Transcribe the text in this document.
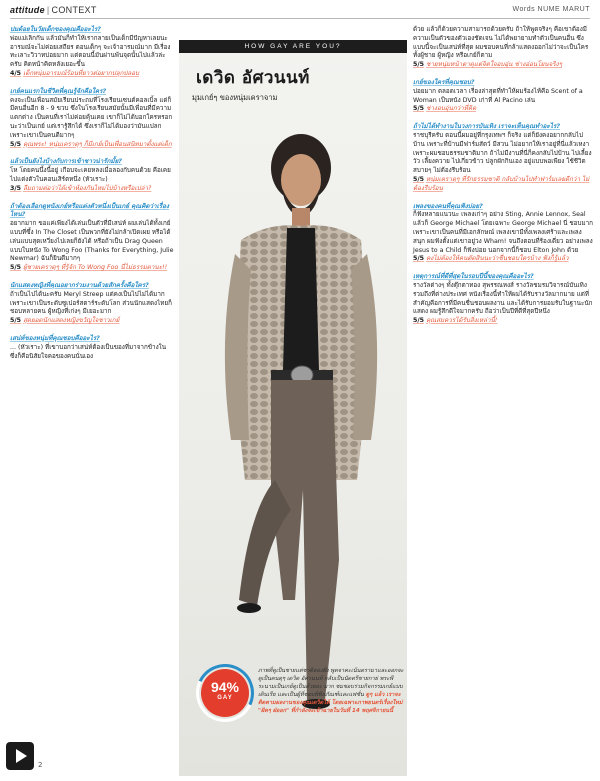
attitude | CONTEXT	Words NUME MARUT
ปมด้อยในวัยเด็กของคุณคืออะไร?
พ่อแม่เลิกกัน แล้วมันก็ทำให้เรากลายเป็นเด็กมีปัญหาเลยนะ อารมณ์จะไม่ค่อยเสถียร ตอนเด็กๆ จะเจ้าอารมณ์มาก มีเรื่องทะเลาะวิวาทบ่อยมาก แต่ตอนนี้มันผ่านพ้นจุดนั้นไปแล้วล่ะครับ คิดหน้าคิดหลังเยอะขึ้น
4/5 เด็กหนุ่มอารมณ์ร้อนที่ยาวต่อยากปลุกปลอบ
เกย์คนแรกในชีวิตที่คุณรู้จักคือใคร?
คงจะเป็นเพื่อนสมัยเรียนประถมที่โรงเรียนเซนต์คอลเบิ้ล แต่ก็มีคนอื่นอีก 8 - 9 ขวบ ซึ่งในโรงเรียนสมัยนั้นมีเพื่อนที่มีความแตกต่าง เป็นคนที่เราไม่ค่อยคุ้นเคย เขาก็ไม่ได้บอกใครหรอกนะว่าเป็นเกย์ แต่เรารู้สึกได้ ซึ่งเราก็ไม่ได้มองว่ามันแปลก เพราะเขาเป็นคนดีมากๆ
5/5 คุณพระ! หนุ่มเคราดุๆ ก็มีเกย์เป็นเพื่อนสนิทมาตั้งแต่เด็ก
แล้วเป็นยังไงบ้างกับการเข้าชาวน่ารักมั้ย?
โห โดยคนนึ้งนี้อยู่ เกือบจะเคยหลงเมื่อลองกับคนด้วย คือเคยไปแต่งตัวในคอนเสิร์ตหนึ่ง (หัวเราะ)
3/5 ลืมถามต่อว่าได้เข้าห้องกันไหมไปบ้างหรือเปล่า?
ถ้าต้องเลือกดูหนังเกย์หรือแต่งตัวหนึ่งเป็นเกย์ คุณคิดว่าเรื่องไหน?
อยากมาก ขอแค่เพียงได้เล่นเป็นตัวที่มีเสน่ห์ ผมเล่นได้ทั้งเกย์แบบที่ซึ้ง In The Closet เป็นพวกที่ยังไม่กล้าเปิดเผย หรือได้เล่นแบบสุดเหวี่ยงไปเลยก็ยังได้ หรือถ้าเป็น Drag Queen แบบในหนัง To Wong Foo (Thanks for Everything, Julie Newmar) ฉันก็ยินดีมากๆ
5/5 ผู้ชายเคราดุๆ ที่รู้จัก To Wong Foo นี่ไม่ธรรมดานะ!!
นักแสดงหญิงที่คุณอยากร่วมงานด้วยสักครั้งคือใคร?
ถ้าเป็นไปได้นะครับ Meryl Streep แต่คงเป็นไปไม่ได้มาก เพราะเขาเป็นระดับซูเปอร์สตาร์ระดับโลก ส่วนนักแสดงไทยก็ชอบหลายคน ผู้หญิงที่เก่งๆ มีเยอะมาก
5/5 สุดยอดนักแสดงหญิงขวัญใจชาวเกย์
เสน่ห์ของหนุ่มที่คุณชอบคืออะไร?
... (หัวเราะ) ที่เขาบอกว่าเสน่ห์ต้องเป็นของที่มาจากข้างใน ซึ่งก็คือนิสัยใจคอของคนนั่นเอง
HOW GAY ARE YOU?
เดวิด อัศวนนท์
มุมเกย์ๆ ของหนุ่มเคราจาม
94%
GAY
ภาพที่ดูเป็นชายแต่ชาติสองฝั่ง พูดจาคะเน้นดรามาและออกจะดูเป็นคนดุๆ เดวิด อัศวนนท์ กลับเป็นนัดดรีชายกาย่ พระพีระนามเป็นเกย์ดูเป็นด้วยอะ มาก ชมชอบร่วมกิจกรรมเกย์แบบเดินเรีย และเป็นผู้ที่ชอบพิพิธภัณฑ์และแฟชั่น ดูๆ แล้ว เราจะติดตามผลงานของคุณเดวิดได้ โดยเฉพาะภาพยนตร์เรื่องใหม่ "ฝัดๆ ฝ่ออก" ที่กำลังจะเข้าฉายในวันที่ 14 พฤศจิกายนนี้
ด้วย แล้วก็ด้วยความสามารถด้วยครับ ถ้าให้พูดจริงๆ คือเขาต้องมีความเป็นตัวของตัวเองชัดเจน ไม่ได้พยายามทำตัวเป็นคนอื่น ซึ่งแบบนี้จะเป็นเสน่ห์ที่สุด ผมชอบคนที่กล้าแสดงออกไม่ว่าจะเป็นใคร ทั้งผู้ชาย ผู้หญิง หรือเกย์ก็ตาม
5/5 ชายหนุ่มหน้าตาดุแต่จิตใจอบอุ่น ช่างอ่อนโยนจริงๆ
เกย์ของใครที่คุณชอบ?
บ่อยมาก ตลอดเวลา เรื่องล่าสุดที่ทำให้ผมร้องไห้คือ Scent of a Woman เป็นหนัง DVD เก่าที่ Al Pacino เล่น
5/5 ช่างอบอุ่นกว่าที่คิด
ถ้าไม่ได้ทำงานในวงการบันเทิง เราจะเห็นคุณทำอะไร?
ราชบุรีครับ ตอนนี้ผมอยู่ที่กรุงเทพฯ ก็จริง แต่ก็ยังคงอยากกลับไปบ้าน เพราะที่บ้านมีฟาร์มสัตว์ มีสวน ไม่อยากให้เราอยู่ที่นี่แล้วเหงา เพราะผมชอบธรรมชาติมาก ถ้าไม่มีงานที่นี่ก็คงกลับไปบ้าน ไปเลี้ยงวัว เลี้ยงควาย ไปเกี่ยวข้าว ปลูกผักกินเอง อยู่แบบพอเพียง ใช้ชีวิตสบายๆ ไม่ต้องรีบร้อน
5/5 หนุ่มเคราดุๆ ที่รักธรรมชาติ กลับบ้านไปทำฟาร์มเลยดีกว่า ไม่ต้องรีบร้อน
เพลงของคนที่คุณฟังบ่อย?
ก็ฟังหลายแนวนะ เพลงเก่าๆ อย่าง Sting, Annie Lennox, Seal แล้วก็ George Michael โดยเฉพาะ George Michael นี่ ชอบมาก เพราะเขาเป็นคนที่มีเอกลักษณ์ เพลงเขามีทั้งเพลงเศร้าและเพลงสนุก ผมฟังตั้งแต่เขาอยู่วง Wham! จนถึงตอนที่ร้องเดี่ยว อย่างเพลง Jesus to a Child ก็ฟังบ่อย นอกจากนี้ก็ชอบ Elton John ด้วย
5/5 คงไม่ต้องให้คนตัดสินนะว่าชื่นชอบใครบ้าง ฟังก็รู้แล้ว
เหตุการณ์ที่ดีที่สุดในรอบปีนี้ของคุณคืออะไร?
รางวัลต่างๆ ทั้งตุ๊กตาทอง สุพรรณหงส์ รางวัลชมรมวิจารณ์บันเทิง รวมถึงที่ต่างประเทศ หนังเรื่องนี้ทำให้ผมได้รับรางวัลมากมาย แต่ที่สำคัญคือการที่มีคนชื่นชอบผลงาน และได้รับการยอมรับในฐานะนักแสดง ผมรู้สึกดีใจมากครับ ถือว่าเป็นปีที่ดีที่สุดปีหนึ่ง
5/5 คุณสมควรได้รับสิ่งเหล่านี้!
2
